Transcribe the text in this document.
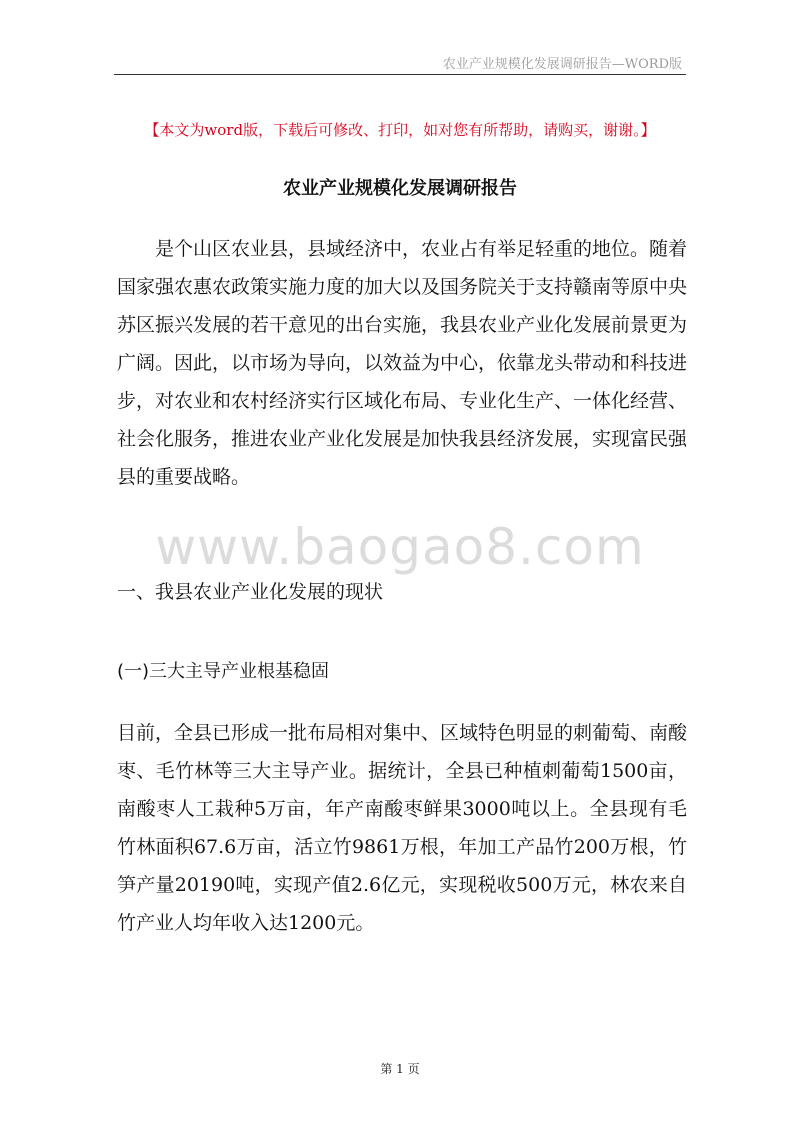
农业产业规模化发展调研报告—WORD版
【本文为word版，下载后可修改、打印，如对您有所帮助，请购买，谢谢。】
农业产业规模化发展调研报告

是个山区农业县，县域经济中，农业占有举足轻重的地位。随着国家强农惠农政策实施力度的加大以及国务院关于支持赣南等原中央苏区振兴发展的若干意见的出台实施，我县农业产业化发展前景更为广阔。因此，以市场为导向，以效益为中心，依靠龙头带动和科技进步，对农业和农村经济实行区域化布局、专业化生产、一体化经营、社会化服务，推进农业产业化发展是加快我县经济发展，实现富民强县的重要战略。

www.baogao8.com
一、我县农业产业化发展的现状
(一)三大主导产业根基稳固

目前，全县已形成一批布局相对集中、区域特色明显的刺葡萄、南酸枣、毛竹林等三大主导产业。据统计，全县已种植刺葡萄1500亩，南酸枣人工栽种5万亩，年产南酸枣鲜果3000吨以上。全县现有毛竹林面积67.6万亩，活立竹9861万根，年加工产品竹200万根，竹笋产量20190吨，实现产值2.6亿元，实现税收500万元，林农来自竹产业人均年收入达1200元。

第 1 页
